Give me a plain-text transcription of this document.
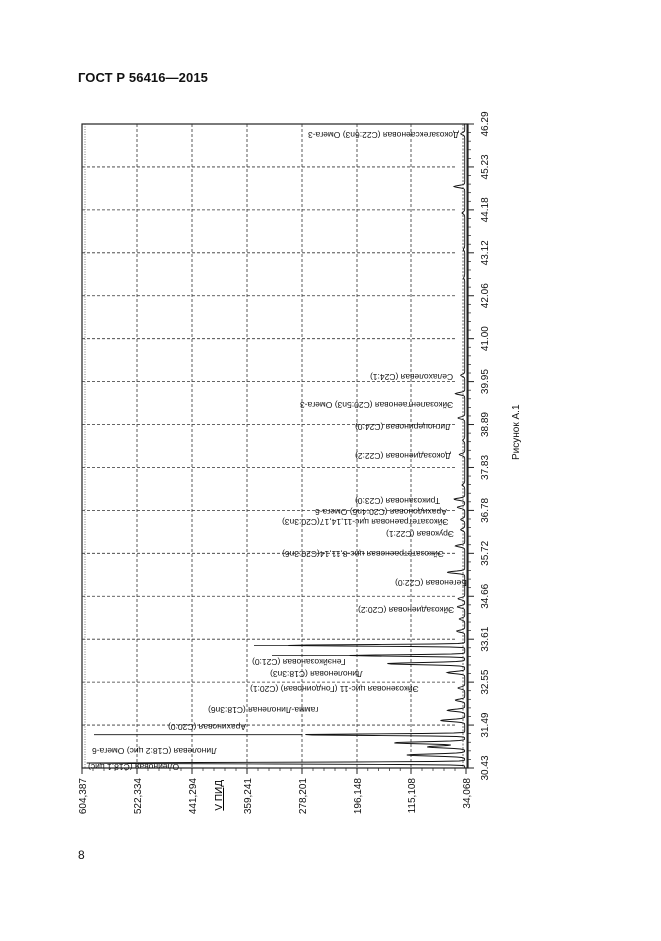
ГОСТ Р 56416—2015
Олеиновая (C18:1 цис)
Линолевая (C18:2 цис) Омега-6
Арахиновая (C20:0)
гамма-Линоленая (C18:3n6)
Эйкозеновая цис-11 (Гондоиновая) (C20:1)
Линоленовая (C18:3n3)
Генэйкозановая (C21:0)
Эйкозадиеновая (C20:2)
Бегеновая (C22:0)
Эйкозатетраеновая цис-8,11,14(C20:3n6)
Эруковая (C22:1)
Эйкозатетраеновая цис-11,14,17(C20:3n3)
Арахидоновая (C20:4n6) Омега-6
Трикозановая (C23:0)
Докозадиеновая (C22:2)
Лигноцериновая (C24:0)
Эйкозапентаеновая (C20:5n3) Омега-3
Селахолевая (C24:1)
Докозагексаеновая (C22:6n3) Омега-3
30.43
31.49
32.55
33.61
34.66
35.72
36.78
37.83
38.89
39.95
41.00
42.06
43.12
44.18
45.23
46.29
34,068
115,108
196,148
278,201
359,241
441,294
522,334
604,387	V ПИД
Рисунок А.1
8
